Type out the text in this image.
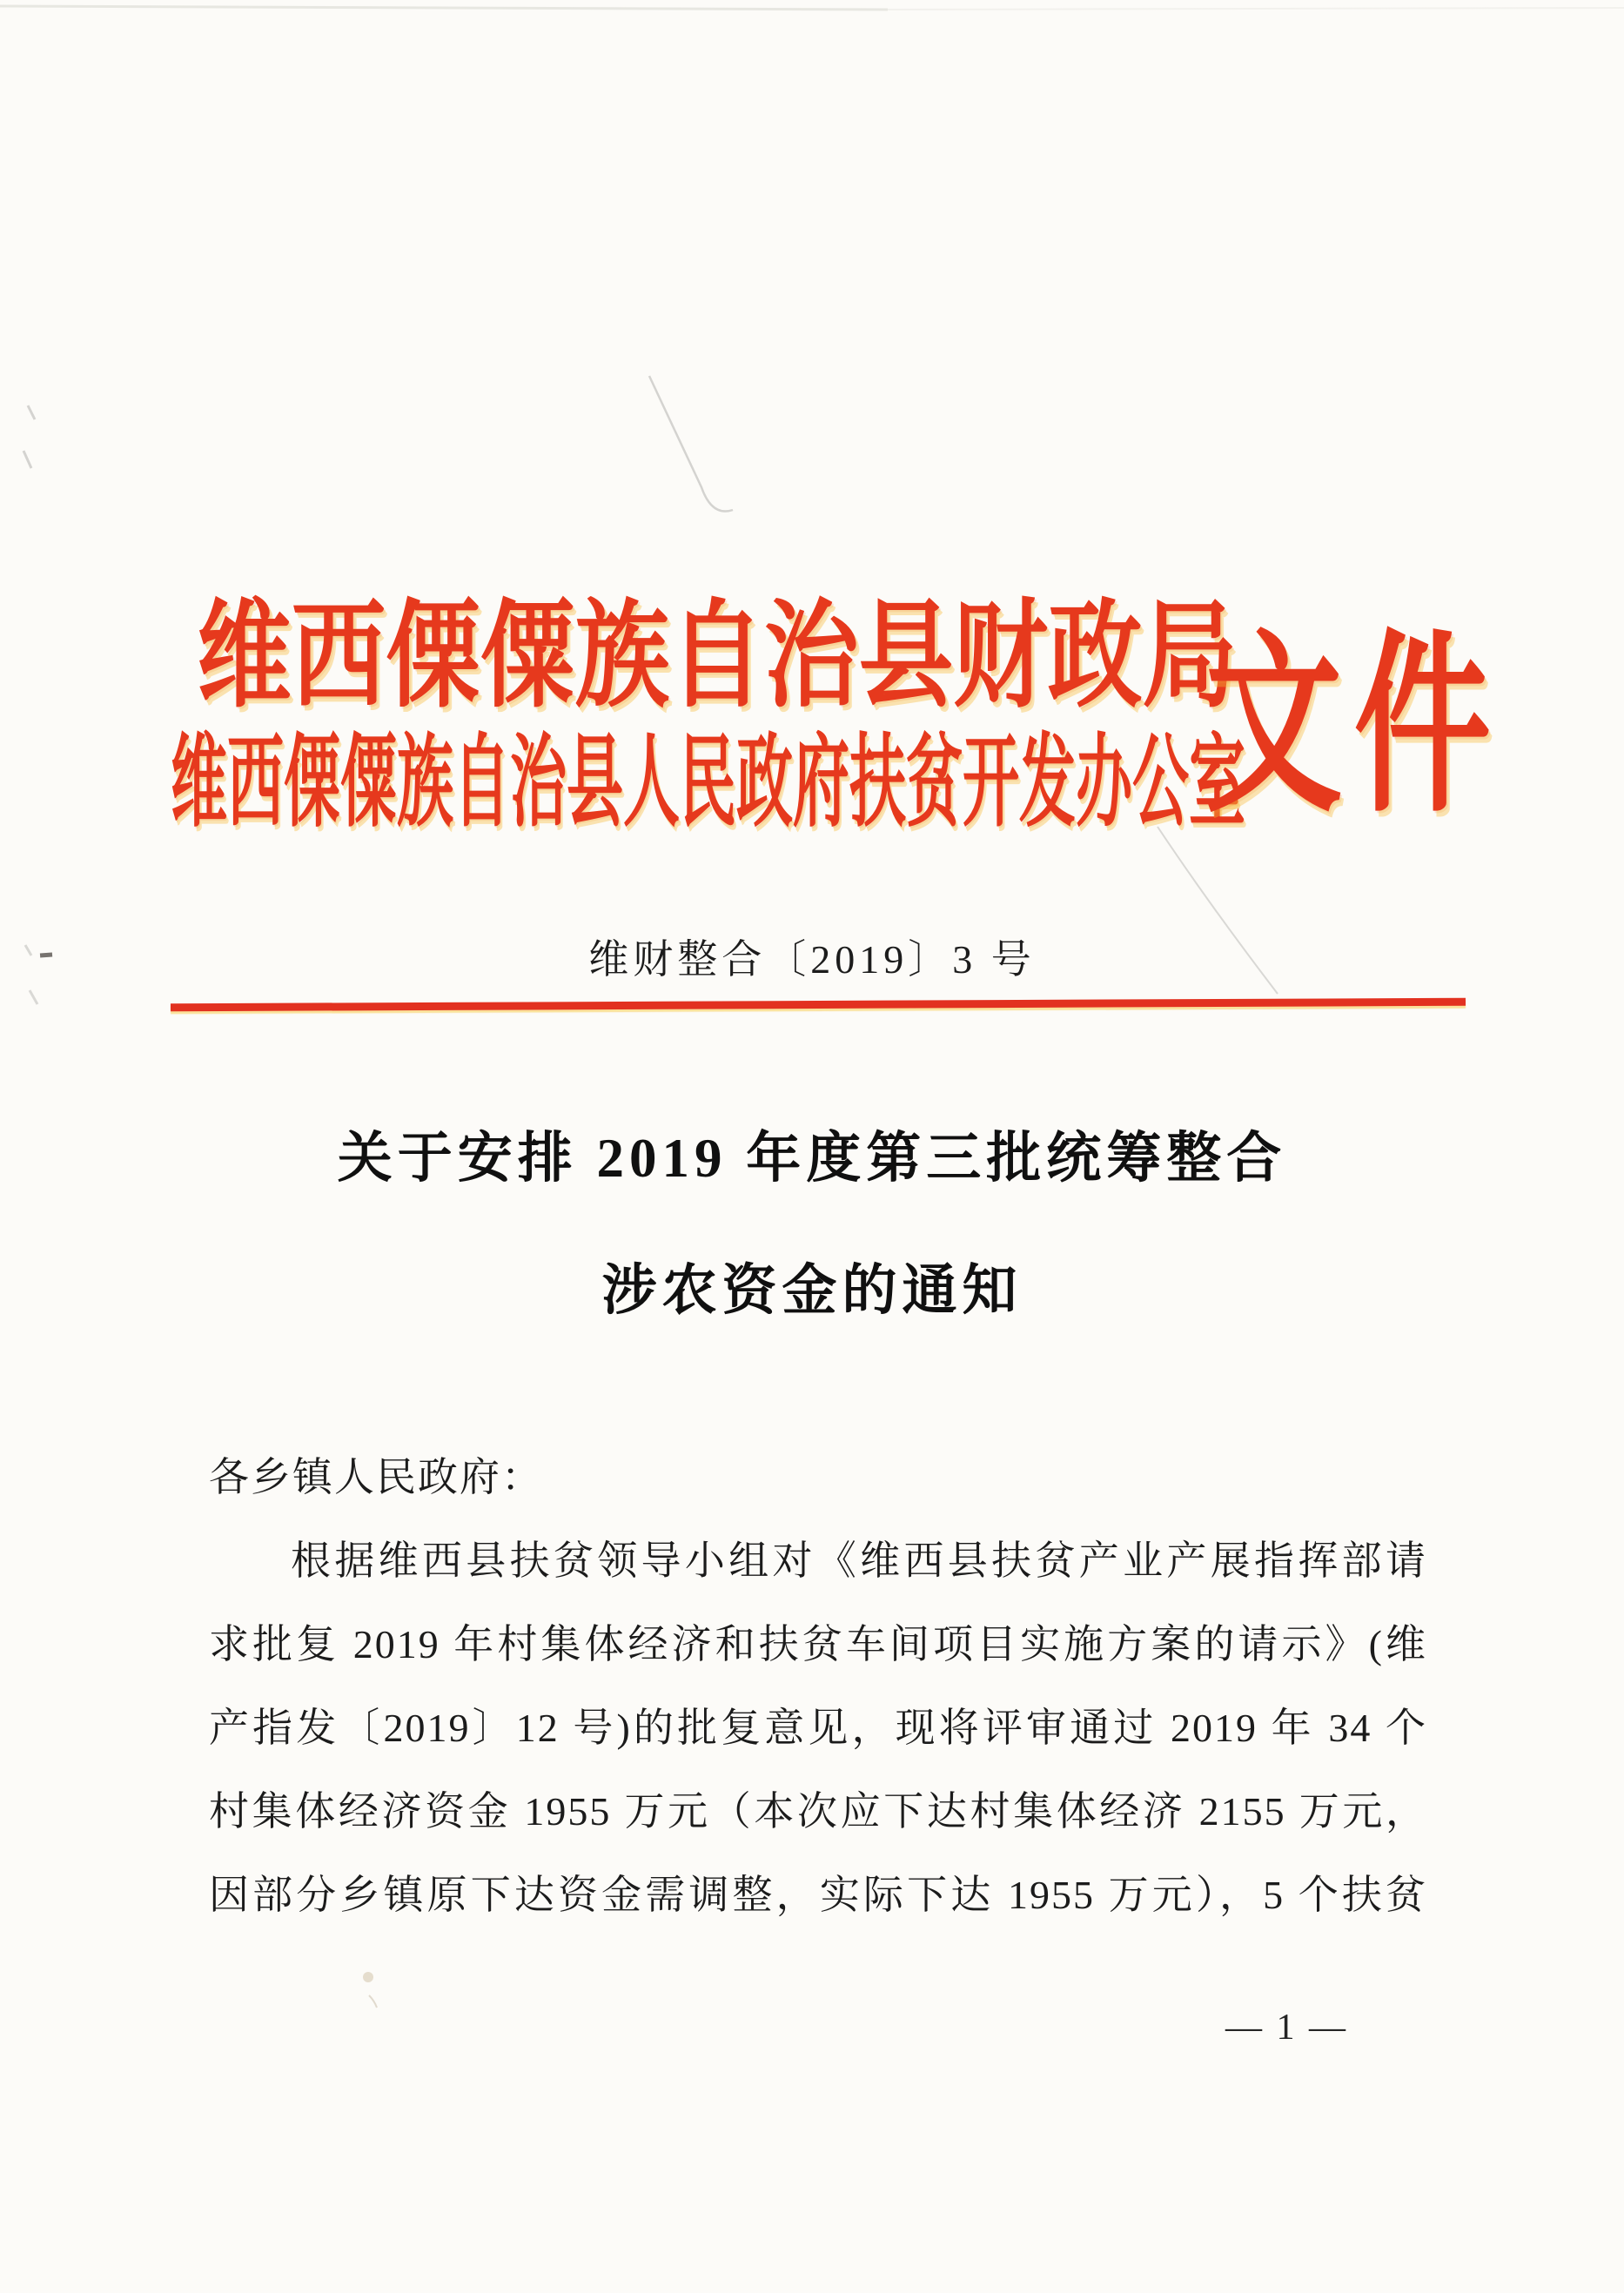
维西傈僳族自治县财政局
维西傈僳族自治县人民政府扶贫开发办公室
文件
维财整合〔2019〕3 号
关于安排 2019 年度第三批统筹整合
涉农资金的通知
各乡镇人民政府：
根据维西县扶贫领导小组对《维西县扶贫产业产展指挥部请
求批复 2019 年村集体经济和扶贫车间项目实施方案的请示》(维
产指发〔2019〕12 号)的批复意见，现将评审通过 2019 年 34 个
村集体经济资金 1955 万元（本次应下达村集体经济 2155 万元，
因部分乡镇原下达资金需调整，实际下达 1955 万元），5 个扶贫
— 1 —
